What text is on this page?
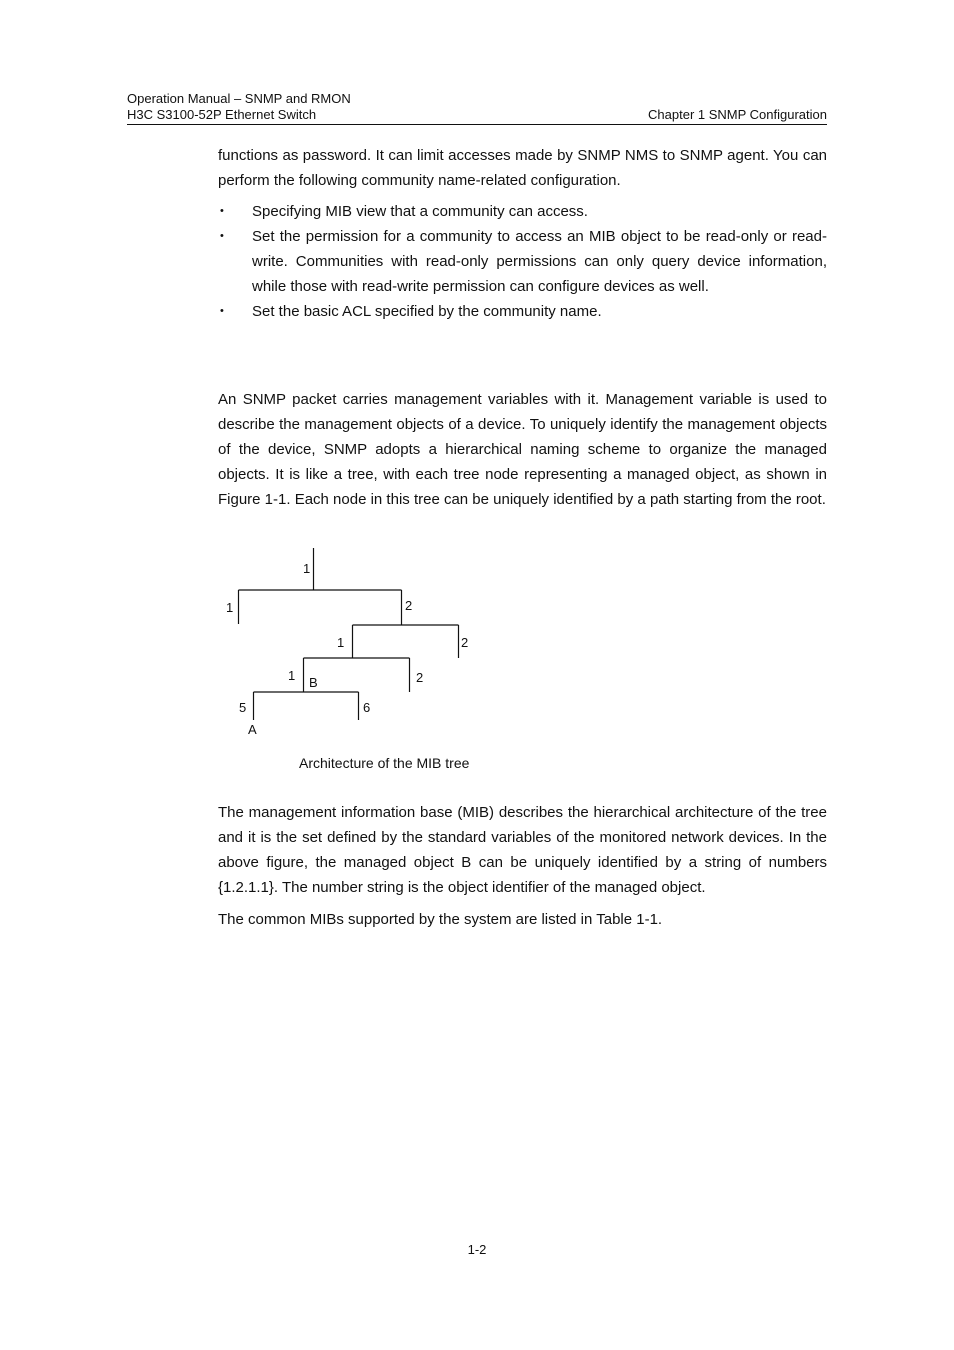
Operation Manual – SNMP and RMON
H3C S3100-52P Ethernet Switch	Chapter 1 SNMP Configuration
functions as password. It can limit accesses made by SNMP NMS to SNMP agent. You can perform the following community name-related configuration.
• Specifying MIB view that a community can access.
• Set the permission for a community to access an MIB object to be read-only or read-write. Communities with read-only permissions can only query device information, while those with read-write permission can configure devices as well.
• Set the basic ACL specified by the community name.
An SNMP packet carries management variables with it. Management variable is used to describe the management objects of a device. To uniquely identify the management objects of the device, SNMP adopts a hierarchical naming scheme to organize the managed objects. It is like a tree, with each tree node representing a managed object, as shown in Figure 1-1. Each node in this tree can be uniquely identified by a path starting from the root.
1
1	2
1	2
1	2
B
5	6
A
Architecture of the MIB tree
The management information base (MIB) describes the hierarchical architecture of the tree and it is the set defined by the standard variables of the monitored network devices. In the above figure, the managed object B can be uniquely identified by a string of numbers {1.2.1.1}. The number string is the object identifier of the managed object.
The common MIBs supported by the system are listed in Table 1-1.
1-2
